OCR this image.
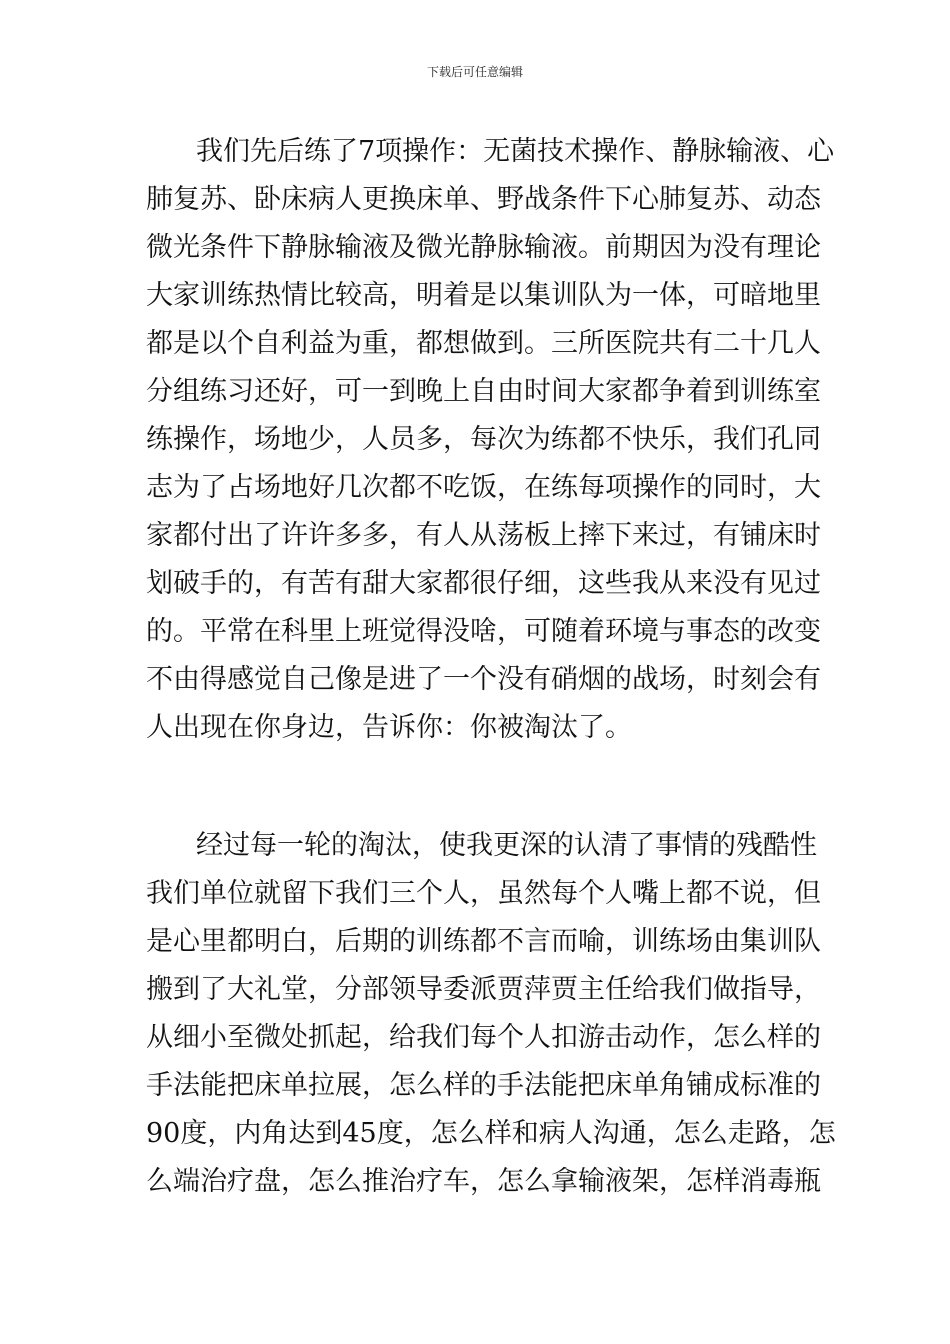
下载后可任意编辑
我们先后练了7项操作：无菌技术操作、静脉输液、心
肺复苏、卧床病人更换床单、野战条件下心肺复苏、动态
微光条件下静脉输液及微光静脉输液。前期因为没有理论
大家训练热情比较高，明着是以集训队为一体，可暗地里
都是以个自利益为重，都想做到。三所医院共有二十几人
分组练习还好，可一到晚上自由时间大家都争着到训练室
练操作，场地少，人员多，每次为练都不快乐，我们孔同
志为了占场地好几次都不吃饭，在练每项操作的同时，大
家都付出了许许多多，有人从荡板上摔下来过，有铺床时
划破手的，有苦有甜大家都很仔细，这些我从来没有见过
的。平常在科里上班觉得没啥，可随着环境与事态的改变
不由得感觉自己像是进了一个没有硝烟的战场，时刻会有
人出现在你身边，告诉你：你被淘汰了。
经过每一轮的淘汰，使我更深的认清了事情的残酷性
我们单位就留下我们三个人，虽然每个人嘴上都不说，但
是心里都明白，后期的训练都不言而喻，训练场由集训队
搬到了大礼堂，分部领导委派贾萍贾主任给我们做指导，
从细小至微处抓起，给我们每个人扣游击动作，怎么样的
手法能把床单拉展，怎么样的手法能把床单角铺成标准的
90度，内角达到45度，怎么样和病人沟通，怎么走路，怎
么端治疗盘，怎么推治疗车，怎么拿输液架，怎样消毒瓶
